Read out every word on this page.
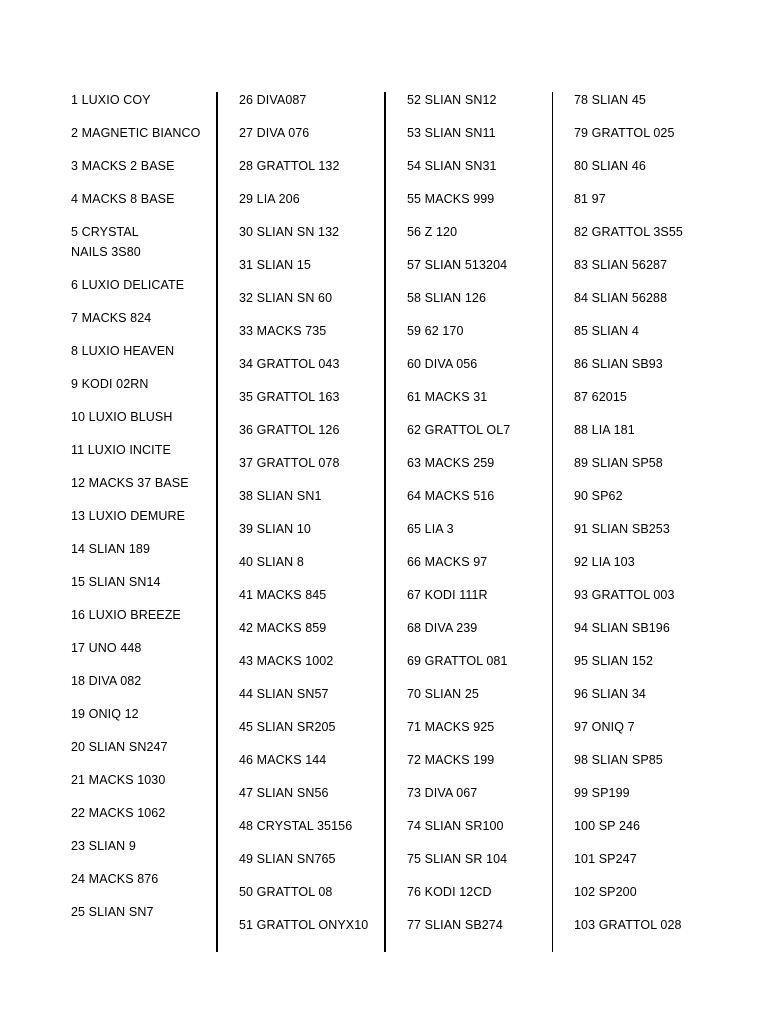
1 LUXIO COY

2 MAGNETIC BIANCO

3 MACKS 2 BASE

4 MACKS 8 BASE

5 CRYSTAL NAILS 3S80

6 LUXIO DELICATE

7 MACKS 824

8 LUXIO HEAVEN

9 KODI 02RN

10 LUXIO BLUSH

11 LUXIO INCITE

12 MACKS 37 BASE

13 LUXIO DEMURE

14 SLIAN 189

15 SLIAN SN14

16 LUXIO BREEZE

17 UNO 448

18 DIVA 082

19 ONIQ 12

20 SLIAN SN247

21 MACKS 1030

22 MACKS 1062

23 SLIAN 9

24 MACKS 876

25 SLIAN SN7

26 DIVA087

27 DIVA 076

28 GRATTOL 132

29 LIA 206

30 SLIAN SN 132

31 SLIAN 15

32 SLIAN SN 60

33 MACKS 735

34 GRATTOL 043

35 GRATTOL 163

36 GRATTOL 126

37 GRATTOL 078

38 SLIAN SN1

39 SLIAN 10

40 SLIAN 8

41 MACKS 845

42 MACKS 859

43 MACKS 1002

44 SLIAN SN57

45 SLIAN SR205

46 MACKS 144

47 SLIAN SN56

48 CRYSTAL 35156

49 SLIAN SN765

50 GRATTOL 08

51 GRATTOL ONYX10

52 SLIAN SN12

53 SLIAN SN11

54 SLIAN SN31

55 MACKS 999

56 Z 120

57 SLIAN 513204

58 SLIAN 126

59 62 170

60 DIVA 056

61 MACKS 31

62 GRATTOL OL7

63 MACKS 259

64 MACKS 516

65 LIA 3

66 MACKS 97

67 KODI 111R

68 DIVA 239

69 GRATTOL 081

70 SLIAN 25

71 MACKS 925

72 MACKS 199

73 DIVA 067

74 SLIAN SR100

75 SLIAN SR 104

76 KODI 12CD

77 SLIAN SB274

78 SLIAN 45

79 GRATTOL 025

80 SLIAN 46

81 97

82 GRATTOL 3S55

83 SLIAN 56287

84 SLIAN 56288

85 SLIAN 4

86 SLIAN SB93

87 62015

88 LIA 181

89 SLIAN SP58

90 SP62

91 SLIAN SB253

92 LIA 103

93 GRATTOL 003

94 SLIAN SB196

95 SLIAN 152

96 SLIAN 34

97 ONIQ 7

98 SLIAN SP85

99 SP199

100 SP 246

101 SP247

102 SP200

103 GRATTOL 028
